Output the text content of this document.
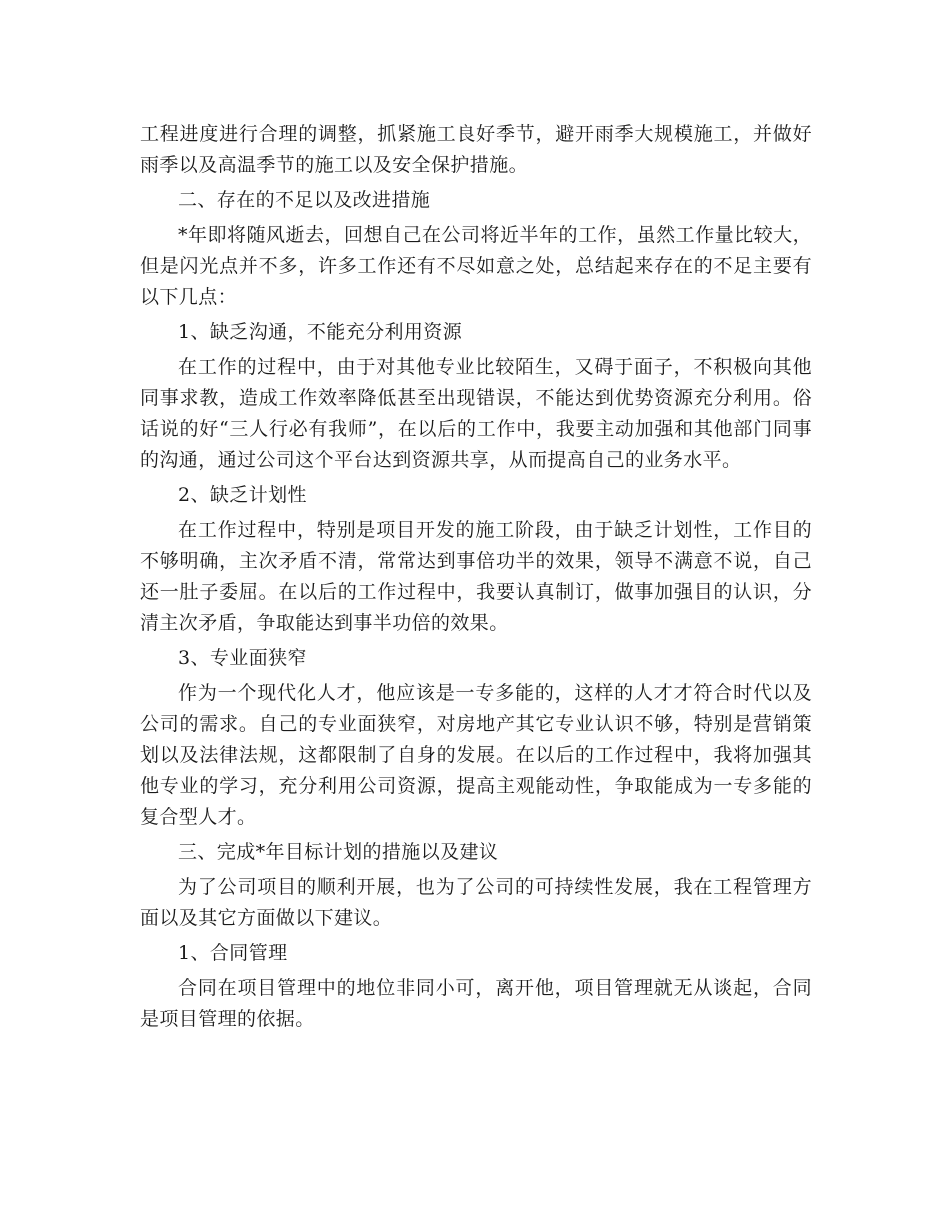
工程进度进行合理的调整，抓紧施工良好季节，避开雨季大规模施工，并做好雨季以及高温季节的施工以及安全保护措施。

二、存在的不足以及改进措施

*年即将随风逝去，回想自己在公司将近半年的工作，虽然工作量比较大，但是闪光点并不多，许多工作还有不尽如意之处，总结起来存在的不足主要有以下几点：

1、缺乏沟通，不能充分利用资源

在工作的过程中，由于对其他专业比较陌生，又碍于面子，不积极向其他同事求教，造成工作效率降低甚至出现错误，不能达到优势资源充分利用。俗话说的好“三人行必有我师”，在以后的工作中，我要主动加强和其他部门同事的沟通，通过公司这个平台达到资源共享，从而提高自己的业务水平。

2、缺乏计划性

在工作过程中，特别是项目开发的施工阶段，由于缺乏计划性，工作目的不够明确，主次矛盾不清，常常达到事倍功半的效果，领导不满意不说，自己还一肚子委屈。在以后的工作过程中，我要认真制订，做事加强目的认识，分清主次矛盾，争取能达到事半功倍的效果。

3、专业面狭窄

作为一个现代化人才，他应该是一专多能的，这样的人才才符合时代以及公司的需求。自己的专业面狭窄，对房地产其它专业认识不够，特别是营销策划以及法律法规，这都限制了自身的发展。在以后的工作过程中，我将加强其他专业的学习，充分利用公司资源，提高主观能动性，争取能成为一专多能的复合型人才。

三、完成*年目标计划的措施以及建议

为了公司项目的顺利开展，也为了公司的可持续性发展，我在工程管理方面以及其它方面做以下建议。

1、合同管理

合同在项目管理中的地位非同小可，离开他，项目管理就无从谈起，合同是项目管理的依据。
